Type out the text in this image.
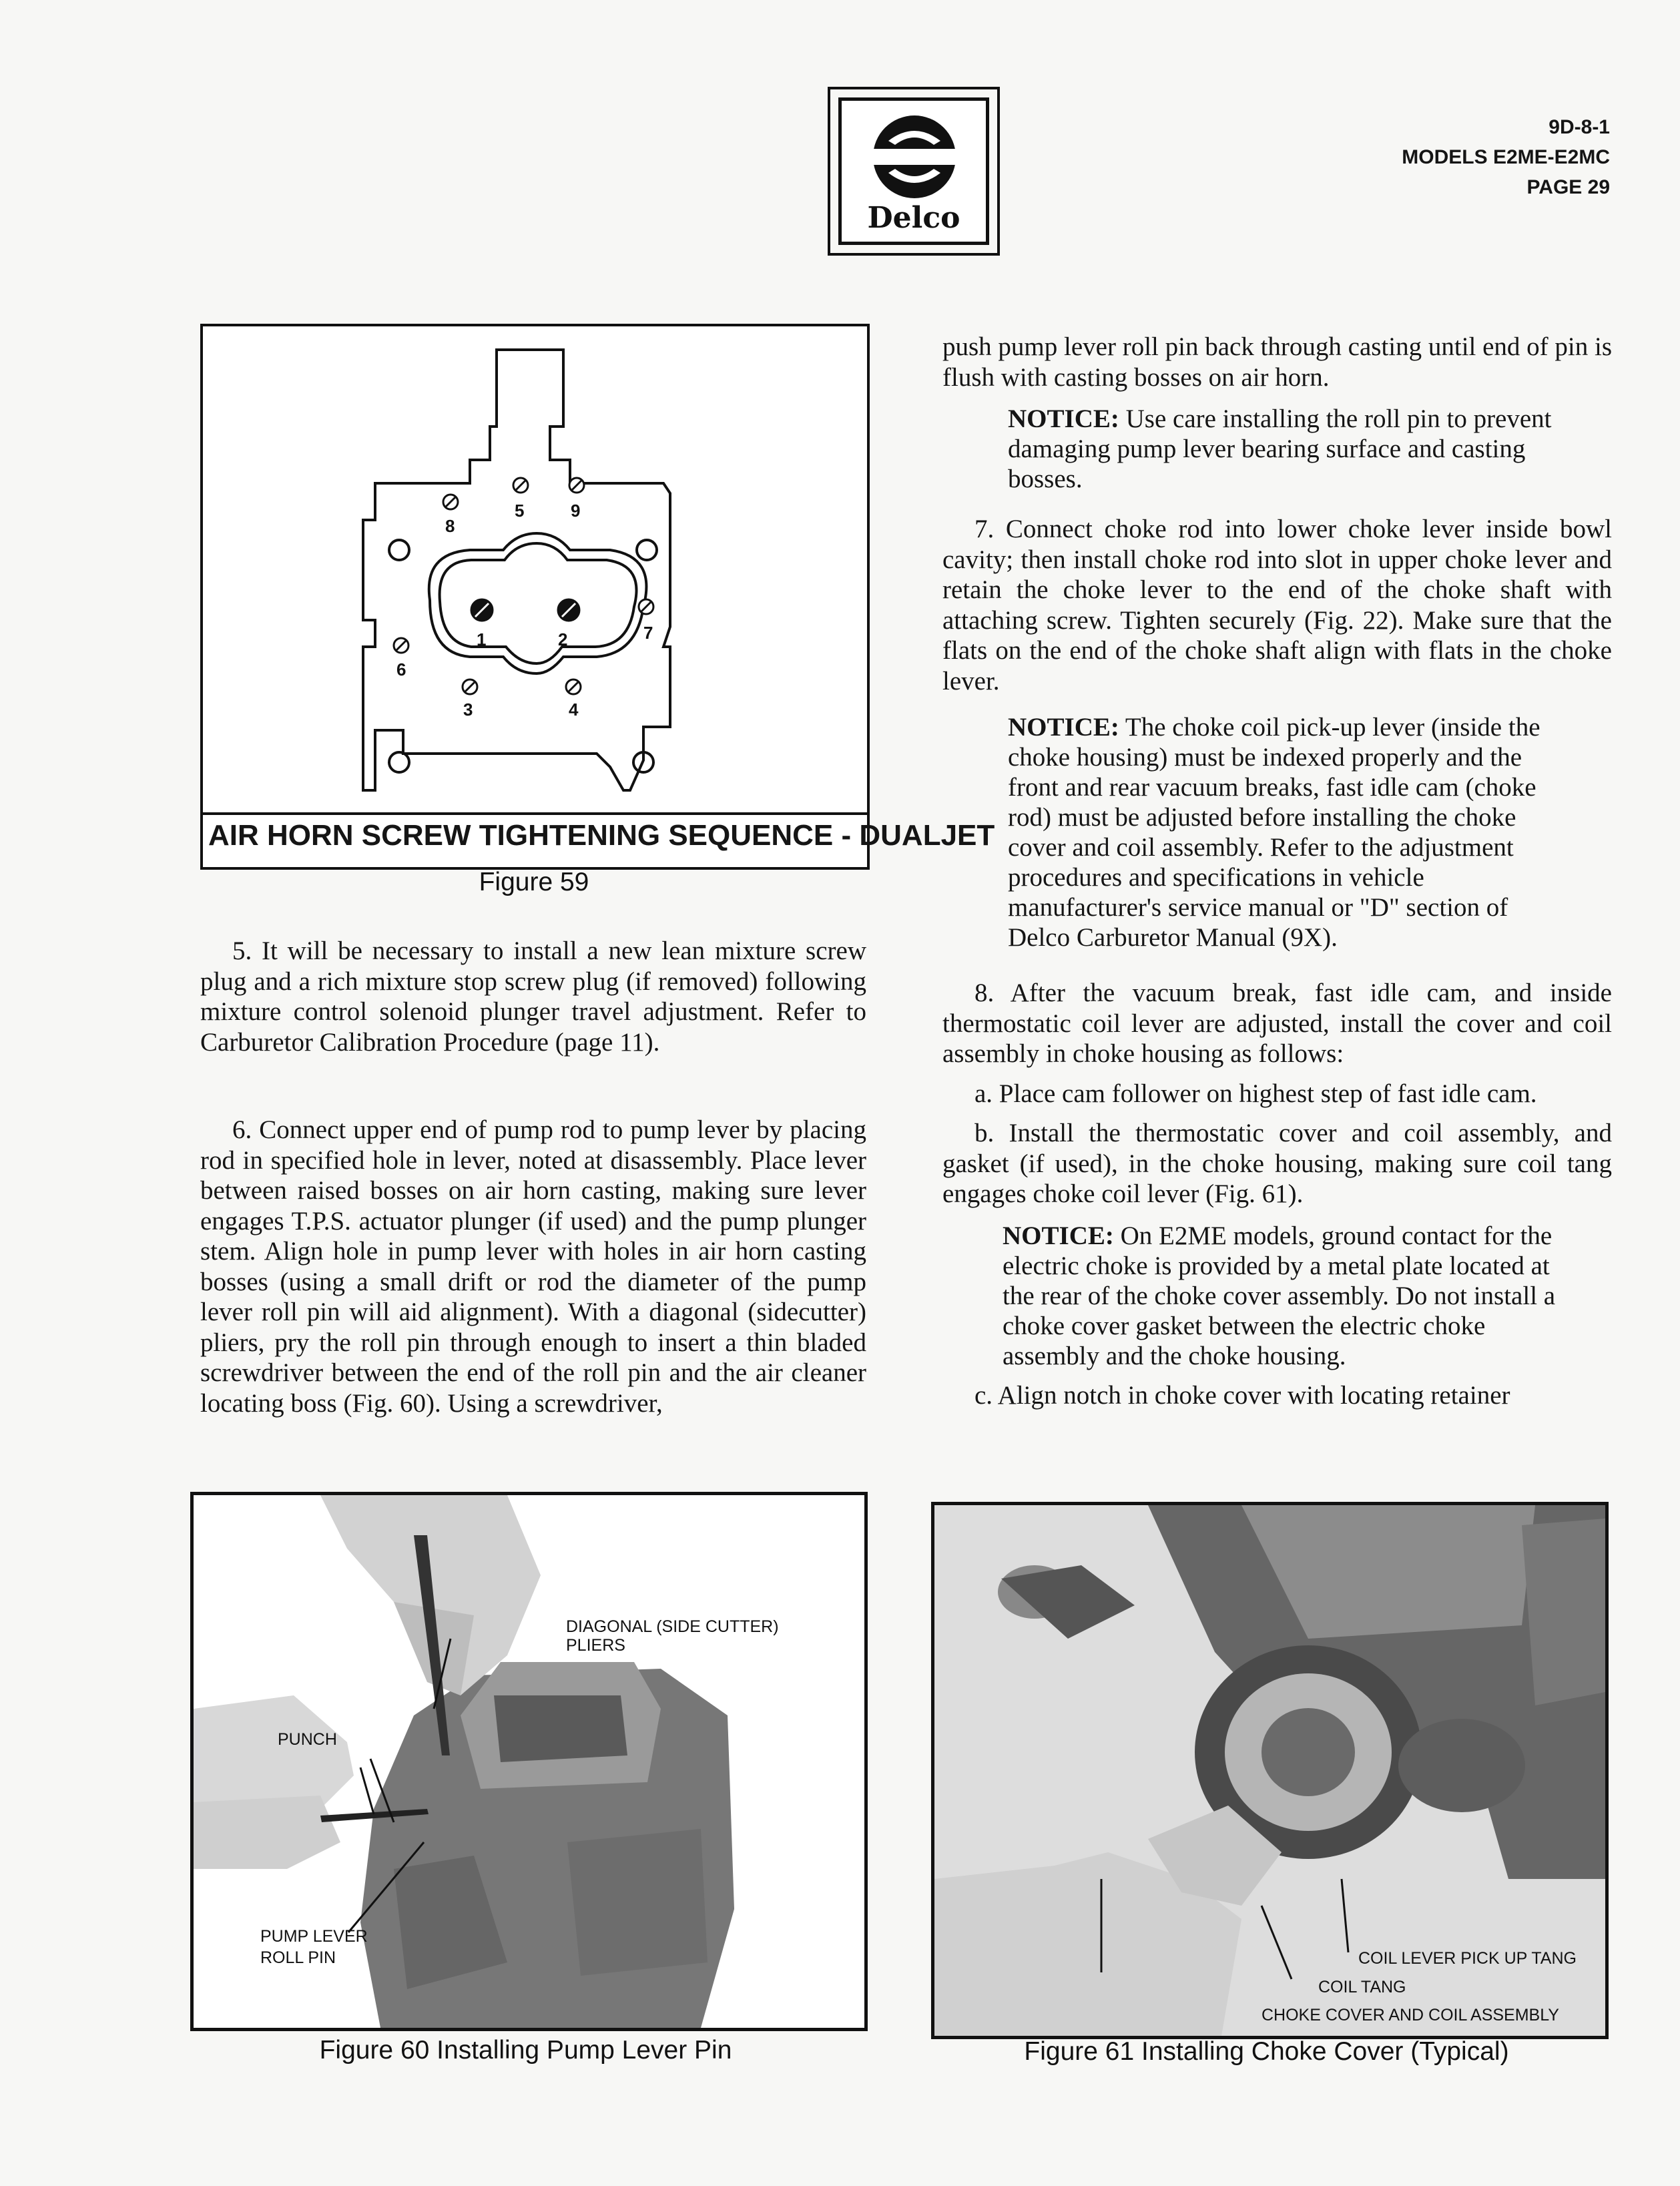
Delco
9D-8-1
MODELS E2ME-E2MC
PAGE 29
1	2
3	4
5
6
7
8
9
AIR HORN SCREW TIGHTENING SEQUENCE - DUALJET
Figure 59

5. It will be necessary to install a new lean mixture screw plug and a rich mixture stop screw plug (if removed) following mixture control solenoid plunger travel adjustment. Refer to Carburetor Calibration Procedure (page 11).

6. Connect upper end of pump rod to pump lever by placing rod in specified hole in lever, noted at disassembly. Place lever between raised bosses on air horn casting, making sure lever engages T.P.S. actuator plunger (if used) and the pump plunger stem. Align hole in pump lever with holes in air horn casting bosses (using a small drift or rod the diameter of the pump lever roll pin will aid alignment). With a diagonal (sidecutter) pliers, pry the roll pin through enough to insert a thin bladed screwdriver between the end of the roll pin and the air cleaner locating boss (Fig. 60). Using a screwdriver,

push pump lever roll pin back through casting until end of pin is flush with casting bosses on air horn.

NOTICE: Use care installing the roll pin to prevent damaging pump lever bearing surface and casting bosses.

7. Connect choke rod into lower choke lever inside bowl cavity; then install choke rod into slot in upper choke lever and retain the choke lever to the end of the choke shaft with attaching screw. Tighten securely (Fig. 22). Make sure that the flats on the end of the choke shaft align with flats in the choke lever.

NOTICE: The choke coil pick-up lever (inside the choke housing) must be indexed properly and the front and rear vacuum breaks, fast idle cam (choke rod) must be adjusted before installing the choke cover and coil assembly. Refer to the adjustment procedures and specifications in vehicle manufacturer's service manual or "D" section of Delco Carburetor Manual (9X).

8. After the vacuum break, fast idle cam, and inside thermostatic coil lever are adjusted, install the cover and coil assembly in choke housing as follows:

a. Place cam follower on highest step of fast idle cam.

b. Install the thermostatic cover and coil assembly, and gasket (if used), in the choke housing, making sure coil tang engages choke coil lever (Fig. 61).

NOTICE: On E2ME models, ground contact for the electric choke is provided by a metal plate located at the rear of the choke cover assembly. Do not install a choke cover gasket between the electric choke assembly and the choke housing.

c. Align notch in choke cover with locating retainer

PUNCH
DIAGONAL (SIDE CUTTER) PLIERS
PUMP LEVER ROLL PIN
Figure 60 Installing Pump Lever Pin
COIL LEVER PICK UP TANG
COIL TANG
CHOKE COVER AND COIL ASSEMBLY
Figure 61 Installing Choke Cover (Typical)
